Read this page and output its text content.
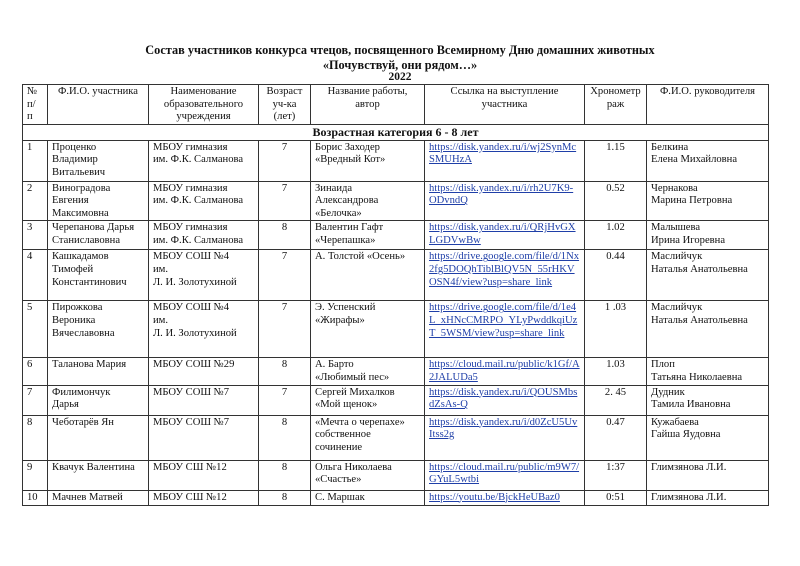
Состав участников конкурса чтецов, посвященного Всемирному Дню домашних животных
«Почувствуй, они рядом…»
2022
№
п/
п	Ф.И.О. участника	Наименование
образовательного
учреждения	Возраст
уч-ка
(лет)	Название работы,
автор	Ссылка на выступление
участника	Хронометр
раж	Ф.И.О. руководителя
Возрастная категория 6 - 8 лет							
1	Проценко
Владимир
Витальевич	МБОУ гимназия
им. Ф.К. Салманова	7	Борис Заходер
«Вредный Кот»	https://disk.yandex.ru/i/wj2SynMcSMUHzA	1.15	Белкина
Елена Михайловна

2	Виноградова
Евгения
Максимовна	МБОУ гимназия
им. Ф.К. Салманова	7	Зинаида
Александрова
«Белочка»	https://disk.yandex.ru/i/rh2U7K9-ODvndQ	0.52	Чернакова
Марина Петровна

3	Черепанова Дарья
Станиславовна	МБОУ гимназия
им. Ф.К. Салманова	8	Валентин Гафт
«Черепашка»	https://disk.yandex.ru/i/QRjHvGXLGDVwBw	1.02	Малышева
Ирина Игоревна

4	Кашкадамов
Тимофей
Константинович	МБОУ СОШ №4
им.
Л. И. Золотухиной	7	А. Толстой «Осень»	https://drive.google.com/file/d/1Nx2fg5DOQhTiblBlQV5N_55rHKVOSN4f/view?usp=share_link	0.44	Маслийчук
Наталья Анатольевна

5	Пирожкова
Вероника
Вячеславовна	МБОУ СОШ №4
им.
Л. И. Золотухиной	7	Э. Успенский
«Жирафы»	https://drive.google.com/file/d/1e4L_xHNcCMRPO_YLyPwddkqiUzT_5WSM/view?usp=share_link	1 .03	Маслийчук
Наталья Анатольевна

6	Таланова Мария	МБОУ СОШ №29	8	А. Барто
«Любимый пес»	https://cloud.mail.ru/public/k1Gf/A2JALUDa5	1.03	Плоп
Татьяна Николаевна

7	Филимончук
Дарья	МБОУ СОШ №7	7	Сергей Михалков
«Мой щенок»	https://disk.yandex.ru/i/QOUSMbsdZsAs-Q	2. 45	Дудник
Тамила Ивановна

8	Чеботарёв Ян	МБОУ СОШ №7	8	«Мечта о черепахе»
собственное
сочинение	https://disk.yandex.ru/i/d0ZcU5UvItss2g	0.47	Кужабаева
Гайша Яудовна

9	Квачук Валентина	МБОУ СШ №12	8	Ольга Николаева
«Счастье»	https://cloud.mail.ru/public/m9W7/GYuL5wtbi	1:37	Глимзянова Л.И.

10	Мачнев Матвей	МБОУ СШ №12	8	С. Маршак	https://youtu.be/BjckHeUBaz0	0:51	Глимзянова Л.И.
